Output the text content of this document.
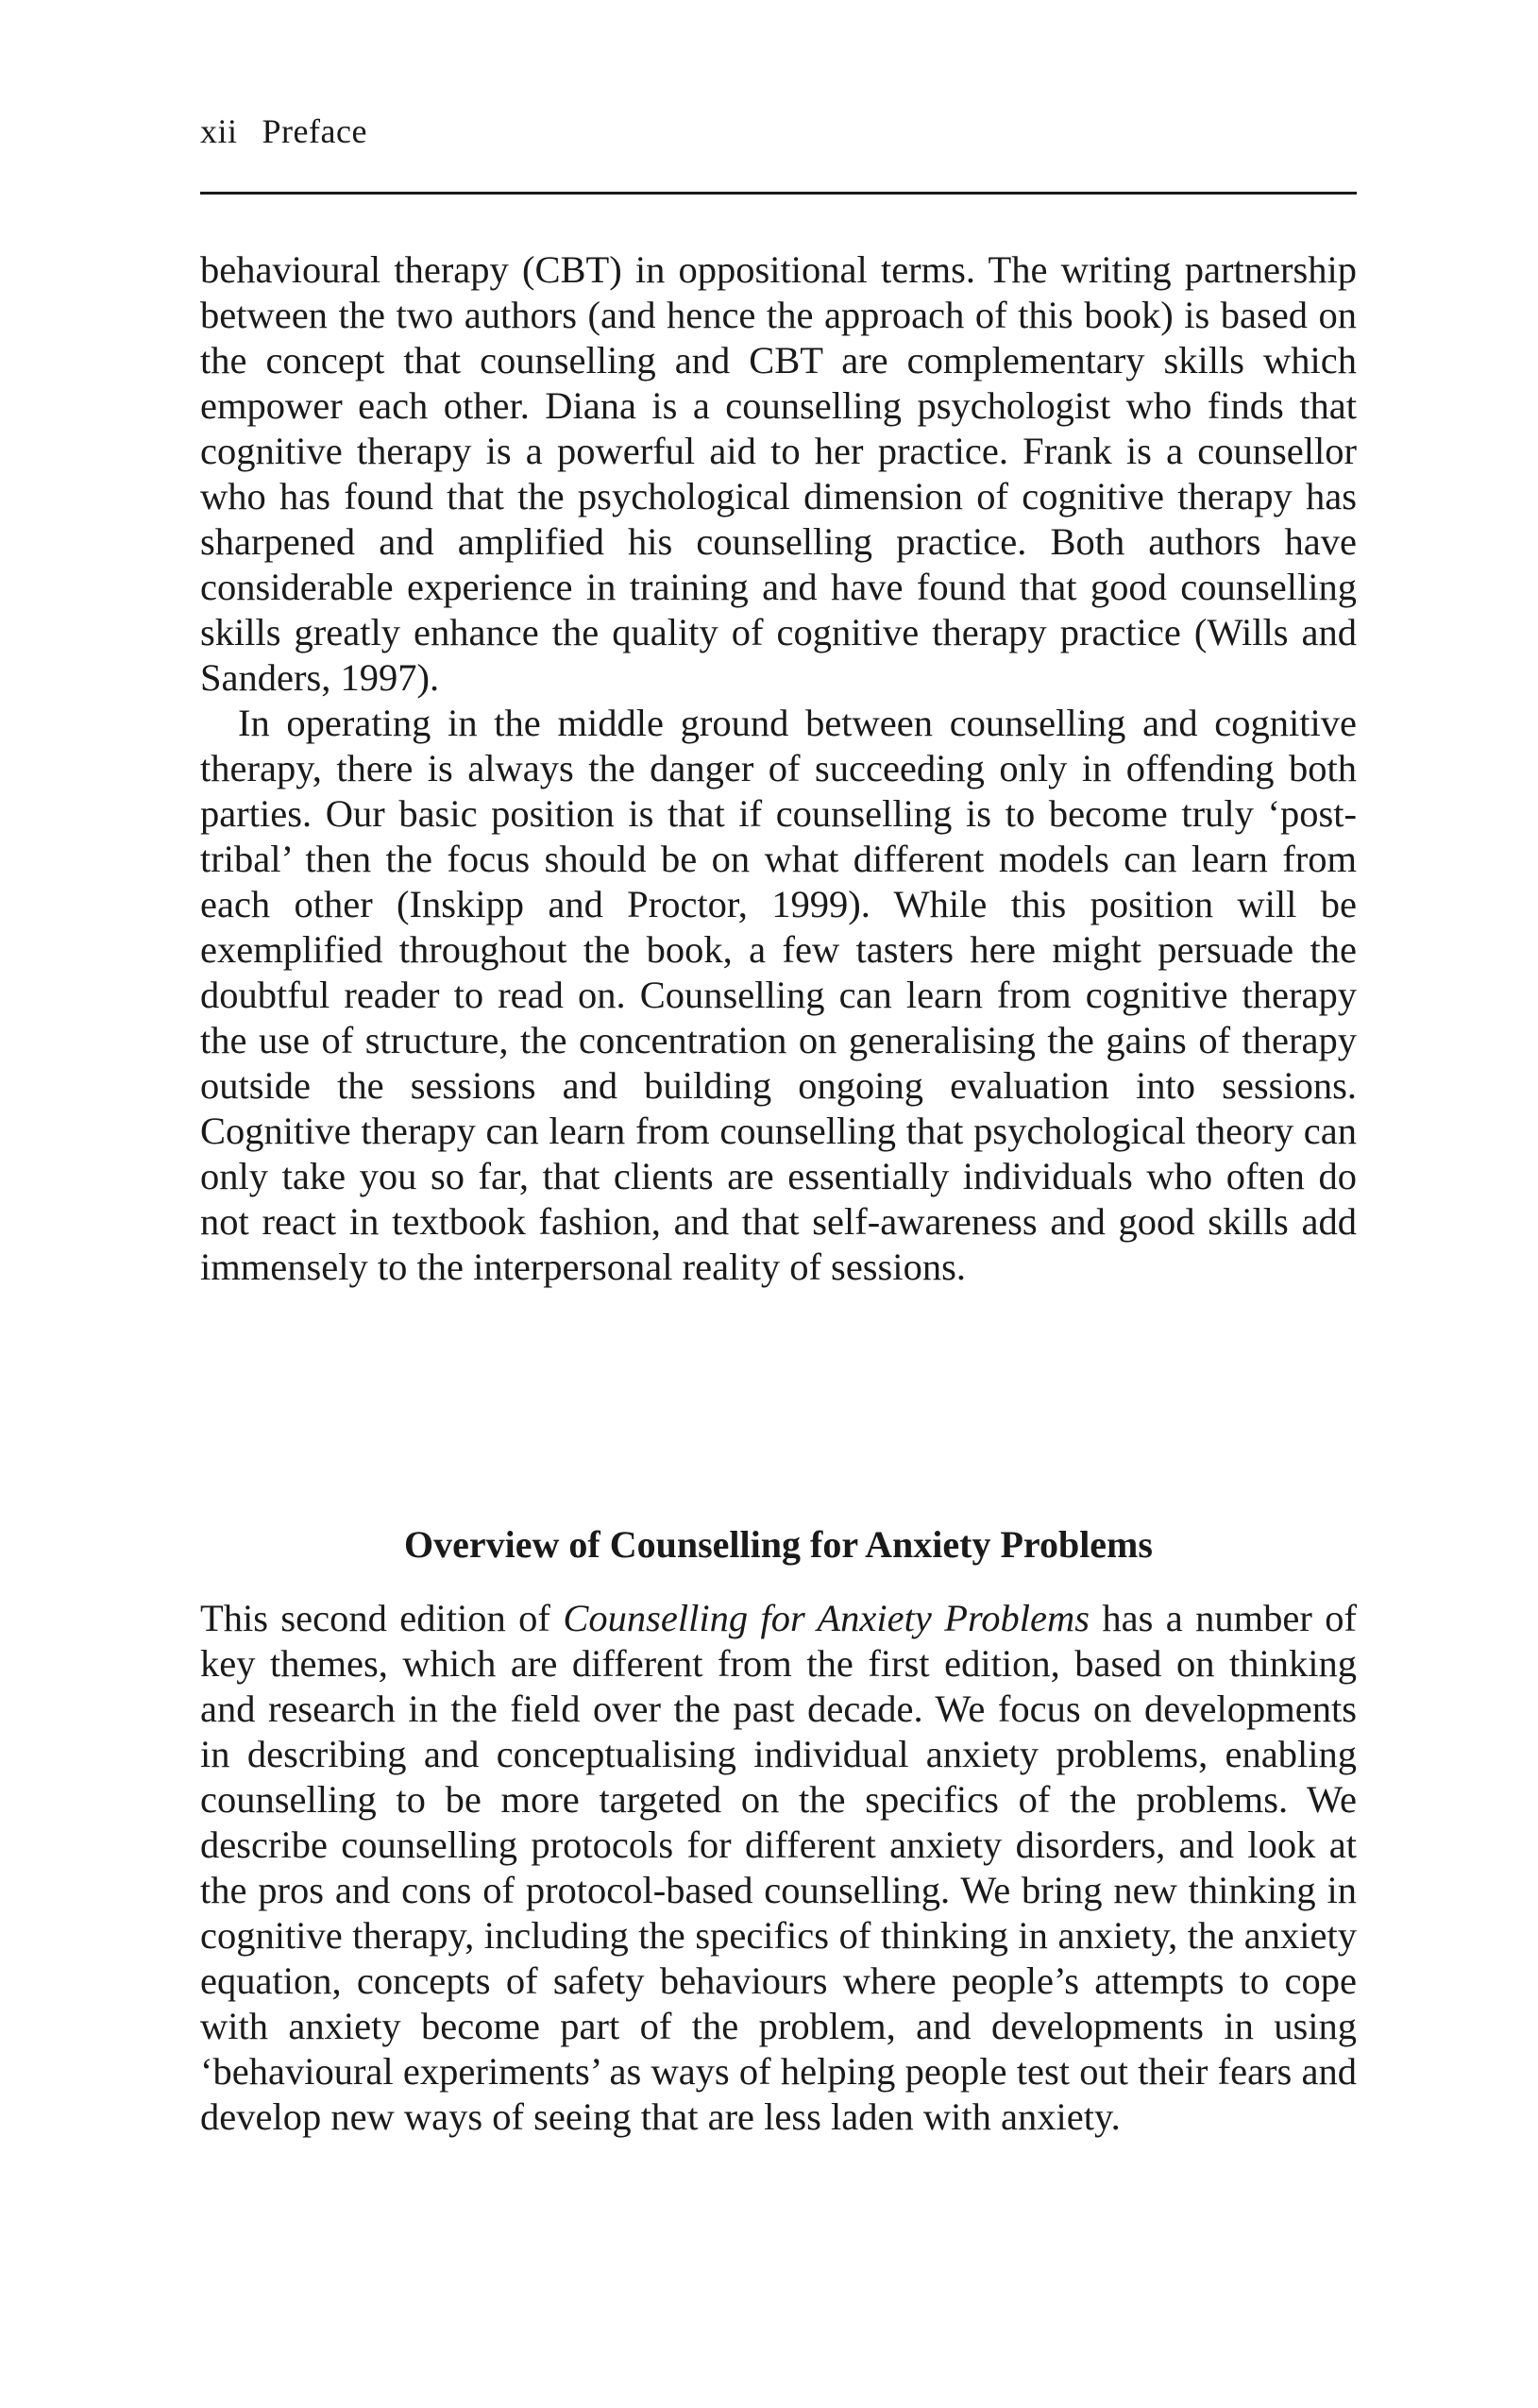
xii Preface

behavioural therapy (CBT) in oppositional terms. The writing partnership between the two authors (and hence the approach of this book) is based on the concept that counselling and CBT are complementary skills which empower each other. Diana is a counselling psychologist who finds that cognitive therapy is a powerful aid to her practice. Frank is a counsellor who has found that the psychological dimension of cognitive therapy has sharpened and amplified his counselling practice. Both authors have considerable experience in training and have found that good counselling skills greatly enhance the quality of cognitive therapy practice (Wills and Sanders, 1997).

In operating in the middle ground between counselling and cognitive therapy, there is always the danger of succeeding only in offending both parties. Our basic position is that if counselling is to become truly ‘post-tribal’ then the focus should be on what different models can learn from each other (Inskipp and Proctor, 1999). While this position will be exemplified throughout the book, a few tasters here might persuade the doubtful reader to read on. Counselling can learn from cognitive therapy the use of structure, the concentration on generalising the gains of therapy outside the sessions and building ongoing evaluation into sessions. Cognitive therapy can learn from counselling that psychological theory can only take you so far, that clients are essentially individuals who often do not react in textbook fashion, and that self-awareness and good skills add immensely to the interpersonal reality of sessions.

Overview of Counselling for Anxiety Problems

This second edition of Counselling for Anxiety Problems has a number of key themes, which are different from the first edition, based on thinking and research in the field over the past decade. We focus on developments in describing and conceptualising individual anxiety problems, enabling counselling to be more targeted on the specifics of the problems. We describe counselling protocols for different anxiety disorders, and look at the pros and cons of protocol-based counselling. We bring new thinking in cognitive therapy, including the specifics of thinking in anxiety, the anxiety equation, concepts of safety behaviours where people’s attempts to cope with anxiety become part of the problem, and developments in using ‘behavioural experiments’ as ways of helping people test out their fears and develop new ways of seeing that are less laden with anxiety.
